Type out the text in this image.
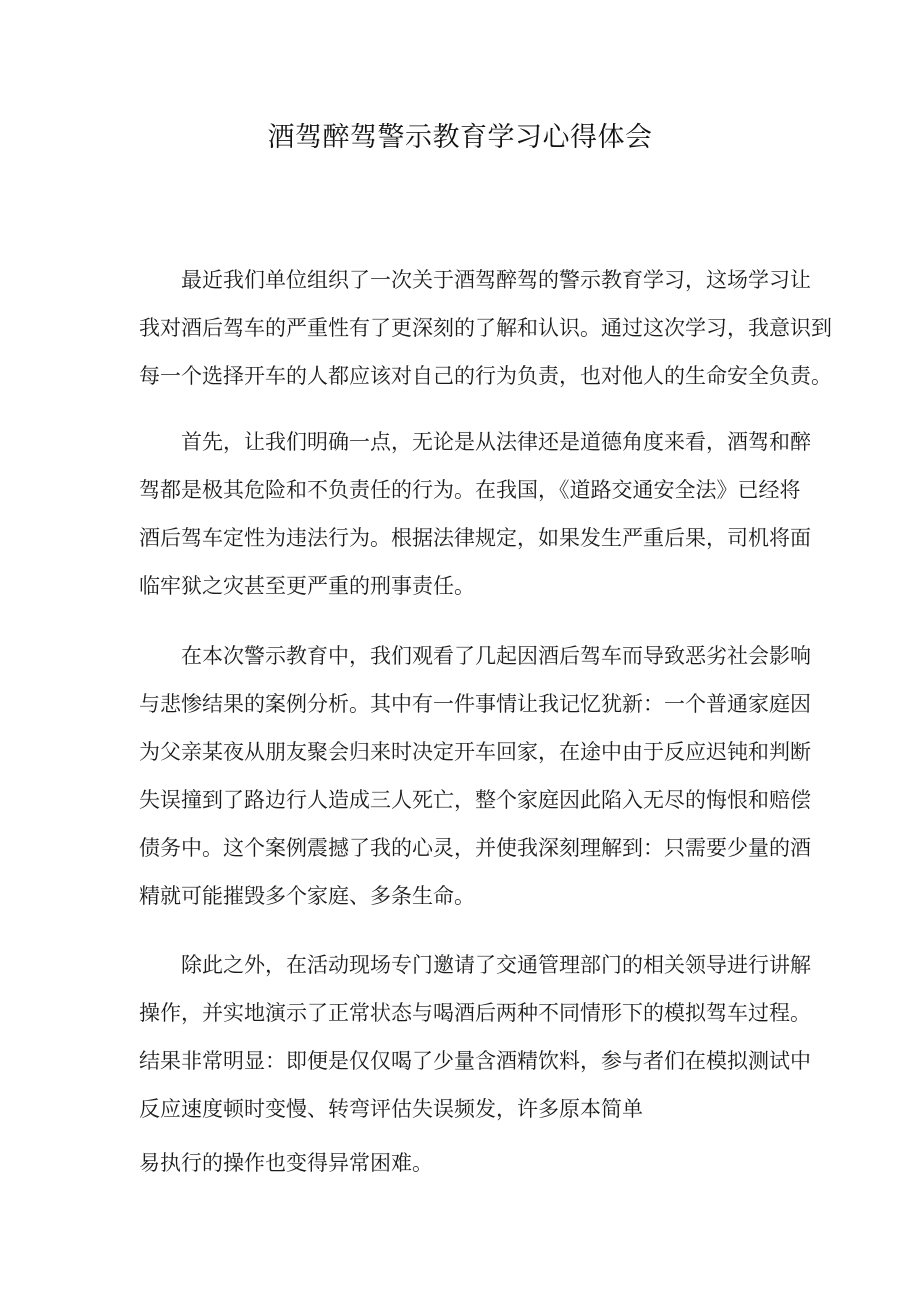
酒驾醉驾警示教育学习心得体会

最近我们单位组织了一次关于酒驾醉驾的警示教育学习，这场学习让

我对酒后驾车的严重性有了更深刻的了解和认识。通过这次学习，我意识到

每一个选择开车的人都应该对自己的行为负责，也对他人的生命安全负责。

首先，让我们明确一点，无论是从法律还是道德角度来看，酒驾和醉

驾都是极其危险和不负责任的行为。在我国，《道路交通安全法》已经将

酒后驾车定性为违法行为。根据法律规定，如果发生严重后果，司机将面

临牢狱之灾甚至更严重的刑事责任。

在本次警示教育中，我们观看了几起因酒后驾车而导致恶劣社会影响

与悲惨结果的案例分析。其中有一件事情让我记忆犹新：一个普通家庭因

为父亲某夜从朋友聚会归来时决定开车回家，在途中由于反应迟钝和判断

失误撞到了路边行人造成三人死亡，整个家庭因此陷入无尽的悔恨和赔偿

债务中。这个案例震撼了我的心灵，并使我深刻理解到：只需要少量的酒

精就可能摧毁多个家庭、多条生命。

除此之外，在活动现场专门邀请了交通管理部门的相关领导进行讲解

操作，并实地演示了正常状态与喝酒后两种不同情形下的模拟驾车过程。

结果非常明显：即便是仅仅喝了少量含酒精饮料，参与者们在模拟测试中

反应速度顿时变慢、转弯评估失误频发，许多原本简单

易执行的操作也变得异常困难。
